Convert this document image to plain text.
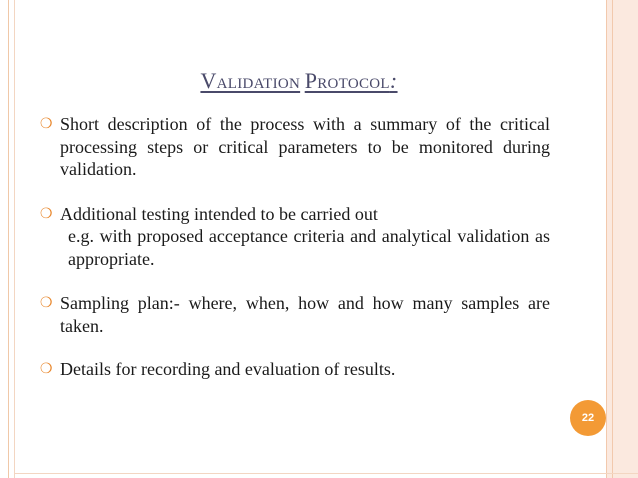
Validation Protocol:
❍ Short description of the process with a summary of the critical processing steps or critical parameters to be monitored during validation.
❍ Additional testing intended to be carried out
e.g. with proposed acceptance criteria and analytical validation as appropriate.
❍ Sampling plan:- where, when, how and how many samples are taken.
❍ Details for recording and evaluation of results.
22
